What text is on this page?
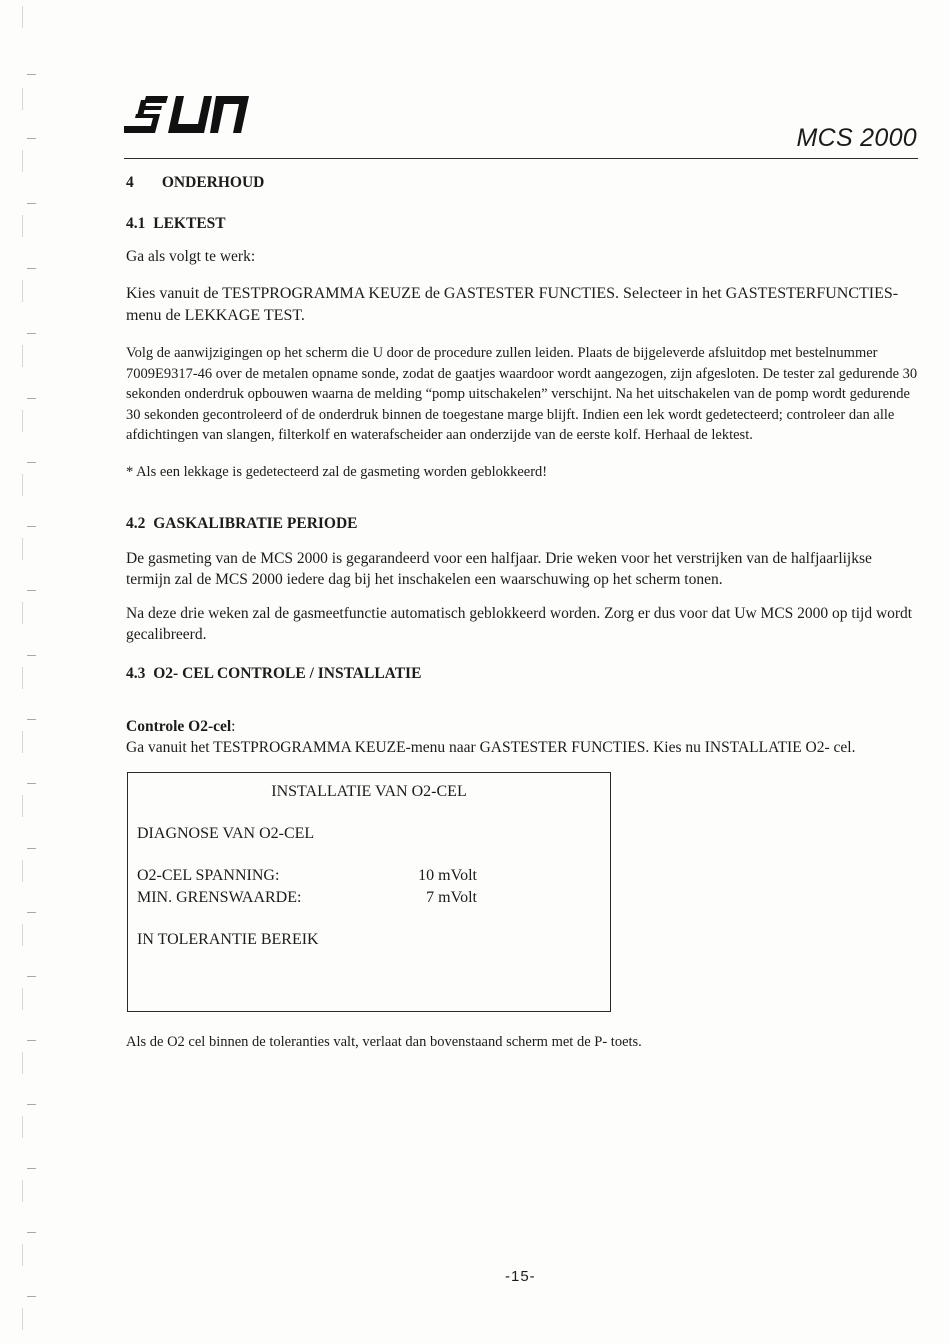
MCS 2000
4 ONDERHOUD
4.1 LEKTEST

Ga als volgt te werk:

Kies vanuit de TESTPROGRAMMA KEUZE de GASTESTER FUNCTIES. Selecteer in het GASTESTERFUNCTIES-menu de LEKKAGE TEST.

Volg de aanwijzigingen op het scherm die U door de procedure zullen leiden. Plaats de bijgeleverde afsluitdop met bestelnummer 7009E9317-46 over de metalen opname sonde, zodat de gaatjes waardoor wordt aangezogen, zijn afgesloten. De tester zal gedurende 30 sekonden onderdruk opbouwen waarna de melding “pomp uitschakelen” verschijnt. Na het uitschakelen van de pomp wordt gedurende 30 sekonden gecontroleerd of de onderdruk binnen de toegestane marge blijft. Indien een lek wordt gedetecteerd; controleer dan alle afdichtingen van slangen, filterkolf en waterafscheider aan onderzijde van de eerste kolf. Herhaal de lektest.

* Als een lekkage is gedetecteerd zal de gasmeting worden geblokkeerd!

4.2 GASKALIBRATIE PERIODE

De gasmeting van de MCS 2000 is gegarandeerd voor een halfjaar. Drie weken voor het verstrijken van de halfjaarlijkse termijn zal de MCS 2000 iedere dag bij het inschakelen een waarschuwing op het scherm tonen.

Na deze drie weken zal de gasmeetfunctie automatisch geblokkeerd worden. Zorg er dus voor dat Uw MCS 2000 op tijd wordt gecalibreerd.

4.3 O2- CEL CONTROLE / INSTALLATIE

Controle O2-cel:

Ga vanuit het TESTPROGRAMMA KEUZE-menu naar GASTESTER FUNCTIES. Kies nu INSTALLATIE O2- cel.

INSTALLATIE VAN O2-CEL
DIAGNOSE VAN O2-CEL
O2-CEL SPANNING:	10 mVolt
MIN. GRENSWAARDE:	7 mVolt
IN TOLERANTIE BEREIK

Als de O2 cel binnen de toleranties valt, verlaat dan bovenstaand scherm met de P- toets.

-15-
